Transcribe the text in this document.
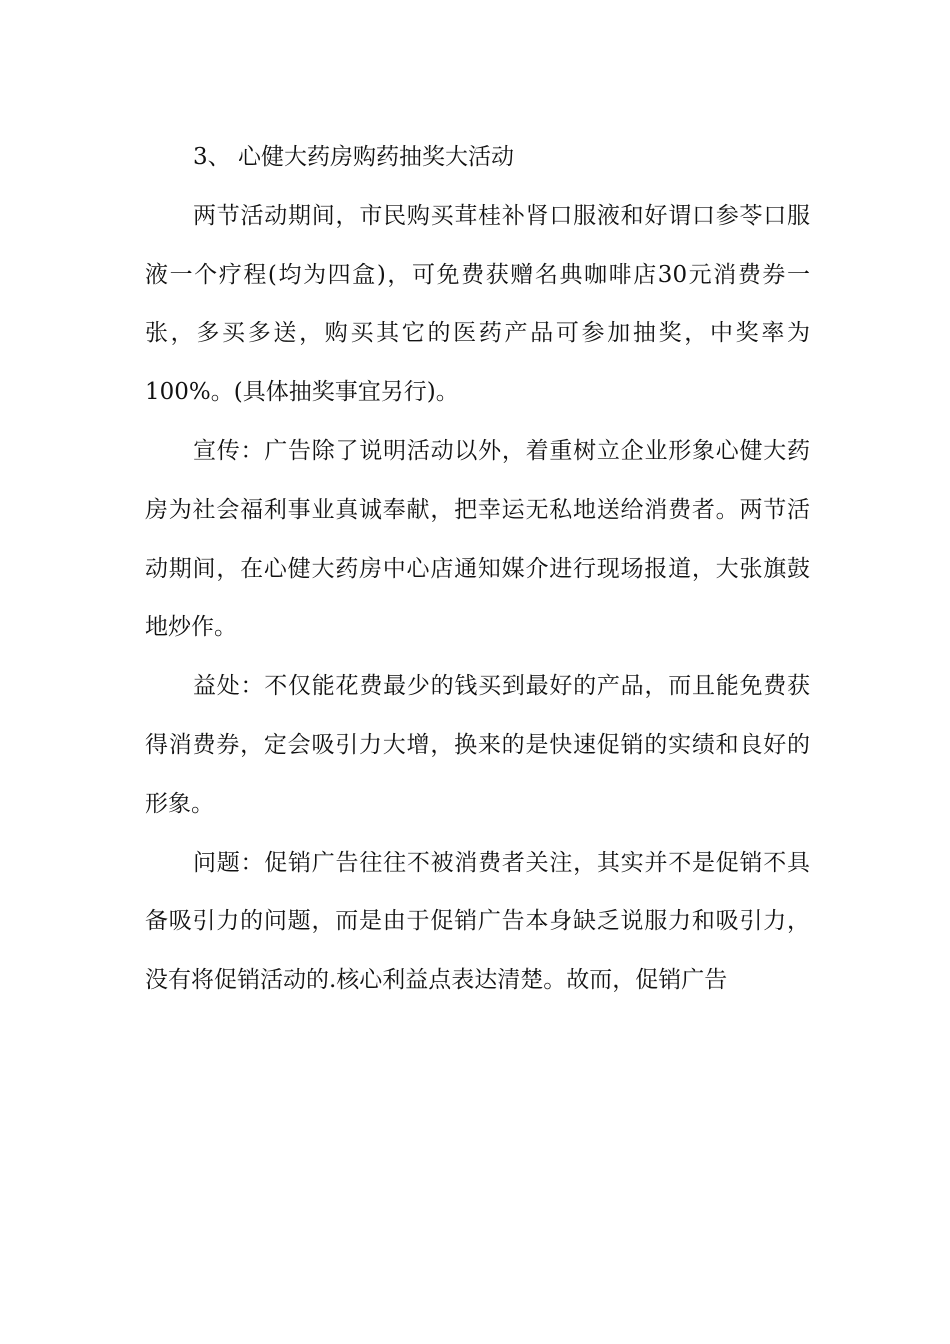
3、 心健大药房购药抽奖大活动

两节活动期间，市民购买茸桂补肾口服液和好谓口参苓口服液一个疗程(均为四盒)，可免费获赠名典咖啡店30元消费券一张，多买多送，购买其它的医药产品可参加抽奖，中奖率为100%。(具体抽奖事宜另行)。

宣传：广告除了说明活动以外，着重树立企业形象心健大药房为社会福利事业真诚奉献，把幸运无私地送给消费者。两节活动期间，在心健大药房中心店通知媒介进行现场报道，大张旗鼓地炒作。

益处：不仅能花费最少的钱买到最好的产品，而且能免费获得消费券，定会吸引力大增，换来的是快速促销的实绩和良好的形象。

问题：促销广告往往不被消费者关注，其实并不是促销不具备吸引力的问题，而是由于促销广告本身缺乏说服力和吸引力，没有将促销活动的.核心利益点表达清楚。故而，促销广告
